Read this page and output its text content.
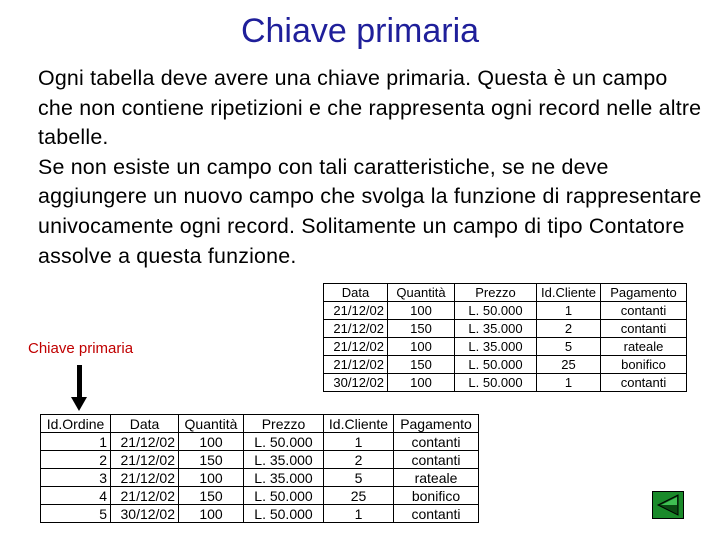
Chiave primaria

Ogni tabella deve avere una chiave primaria. Questa è un campo che non contiene ripetizioni e che rappresenta ogni record nelle altre tabelle.

Se non esiste un campo con tali caratteristiche, se ne deve aggiungere un nuovo campo che svolga la funzione di rappresentare univocamente ogni record. Solitamente un campo di tipo Contatore assolve a questa funzione.

Data	Quantità	Prezzo	Id.Cliente	Pagamento
21/12/02	100	L. 50.000	1	contanti
21/12/02	150	L. 35.000	2	contanti
21/12/02	100	L. 35.000	5	rateale
21/12/02	150	L. 50.000	25	bonifico
30/12/02	100	L. 50.000	1	contanti
Chiave primaria
Id.Ordine	Data	Quantità	Prezzo	Id.Cliente	Pagamento
1	21/12/02	100	L. 50.000	1	contanti
2	21/12/02	150	L. 35.000	2	contanti
3	21/12/02	100	L. 35.000	5	rateale
4	21/12/02	150	L. 50.000	25	bonifico
5	30/12/02	100	L. 50.000	1	contanti
